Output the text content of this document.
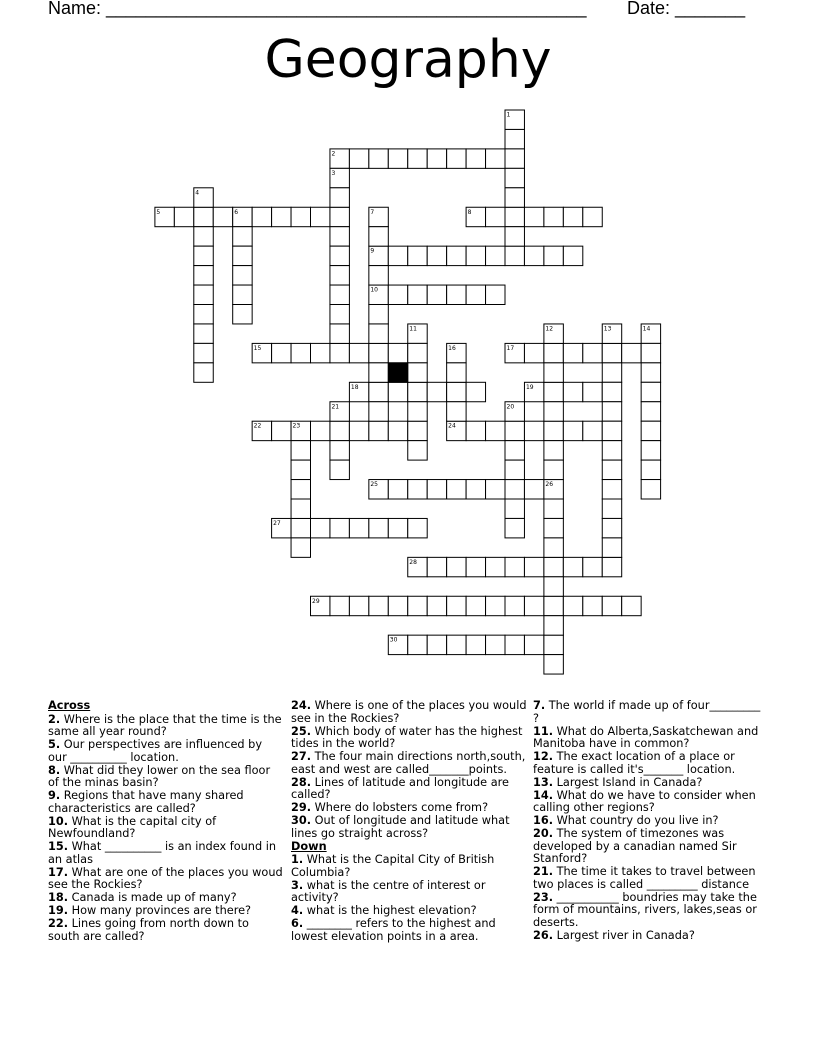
Name: ________________________________________________ Date: _______
Geography
2
5	8
9
10
15	17
18	19
22	24
25
27
28
29
30
1
3
4
6	7
11	12	13	14
16
20
21
23
26
Across
2. Where is the place that the time is the same all year round?
5. Our perspectives are influenced by our __________ location.
8. What did they lower on the sea floor of the minas basin?
9. Regions that have many shared characteristics are called?
10. What is the capital city of Newfoundland?
15. What __________ is an index found in an atlas
17. What are one of the places you woud see the Rockies?
18. Canada is made up of many?
19. How many provinces are there?
22. Lines going from north down to south are called?
24. Where is one of the places you would see in the Rockies?
25. Which body of water has the highest tides in the world?
27. The four main directions north,south, east and west are called_______points.
28. Lines of latitude and longitude are called?
29. Where do lobsters come from?
30. Out of longitude and latitude what lines go straight across?
Down
1. What is the Capital City of British Columbia?
3. what is the centre of interest or activity?
4. what is the highest elevation?
6. ________ refers to the highest and lowest elevation points in a area.
7. The world if made up of four_________ ?
11. What do Alberta,Saskatchewan and Manitoba have in common?
12. The exact location of a place or feature is called it's_______ location.
13. Largest Island in Canada?
14. What do we have to consider when calling other regions?
16. What country do you live in?
20. The system of timezones was developed by a canadian named Sir Stanford?
21. The time it takes to travel between two places is called _________ distance
23. ___________ boundries may take the form of mountains, rivers, lakes,seas or deserts.
26. Largest river in Canada?
